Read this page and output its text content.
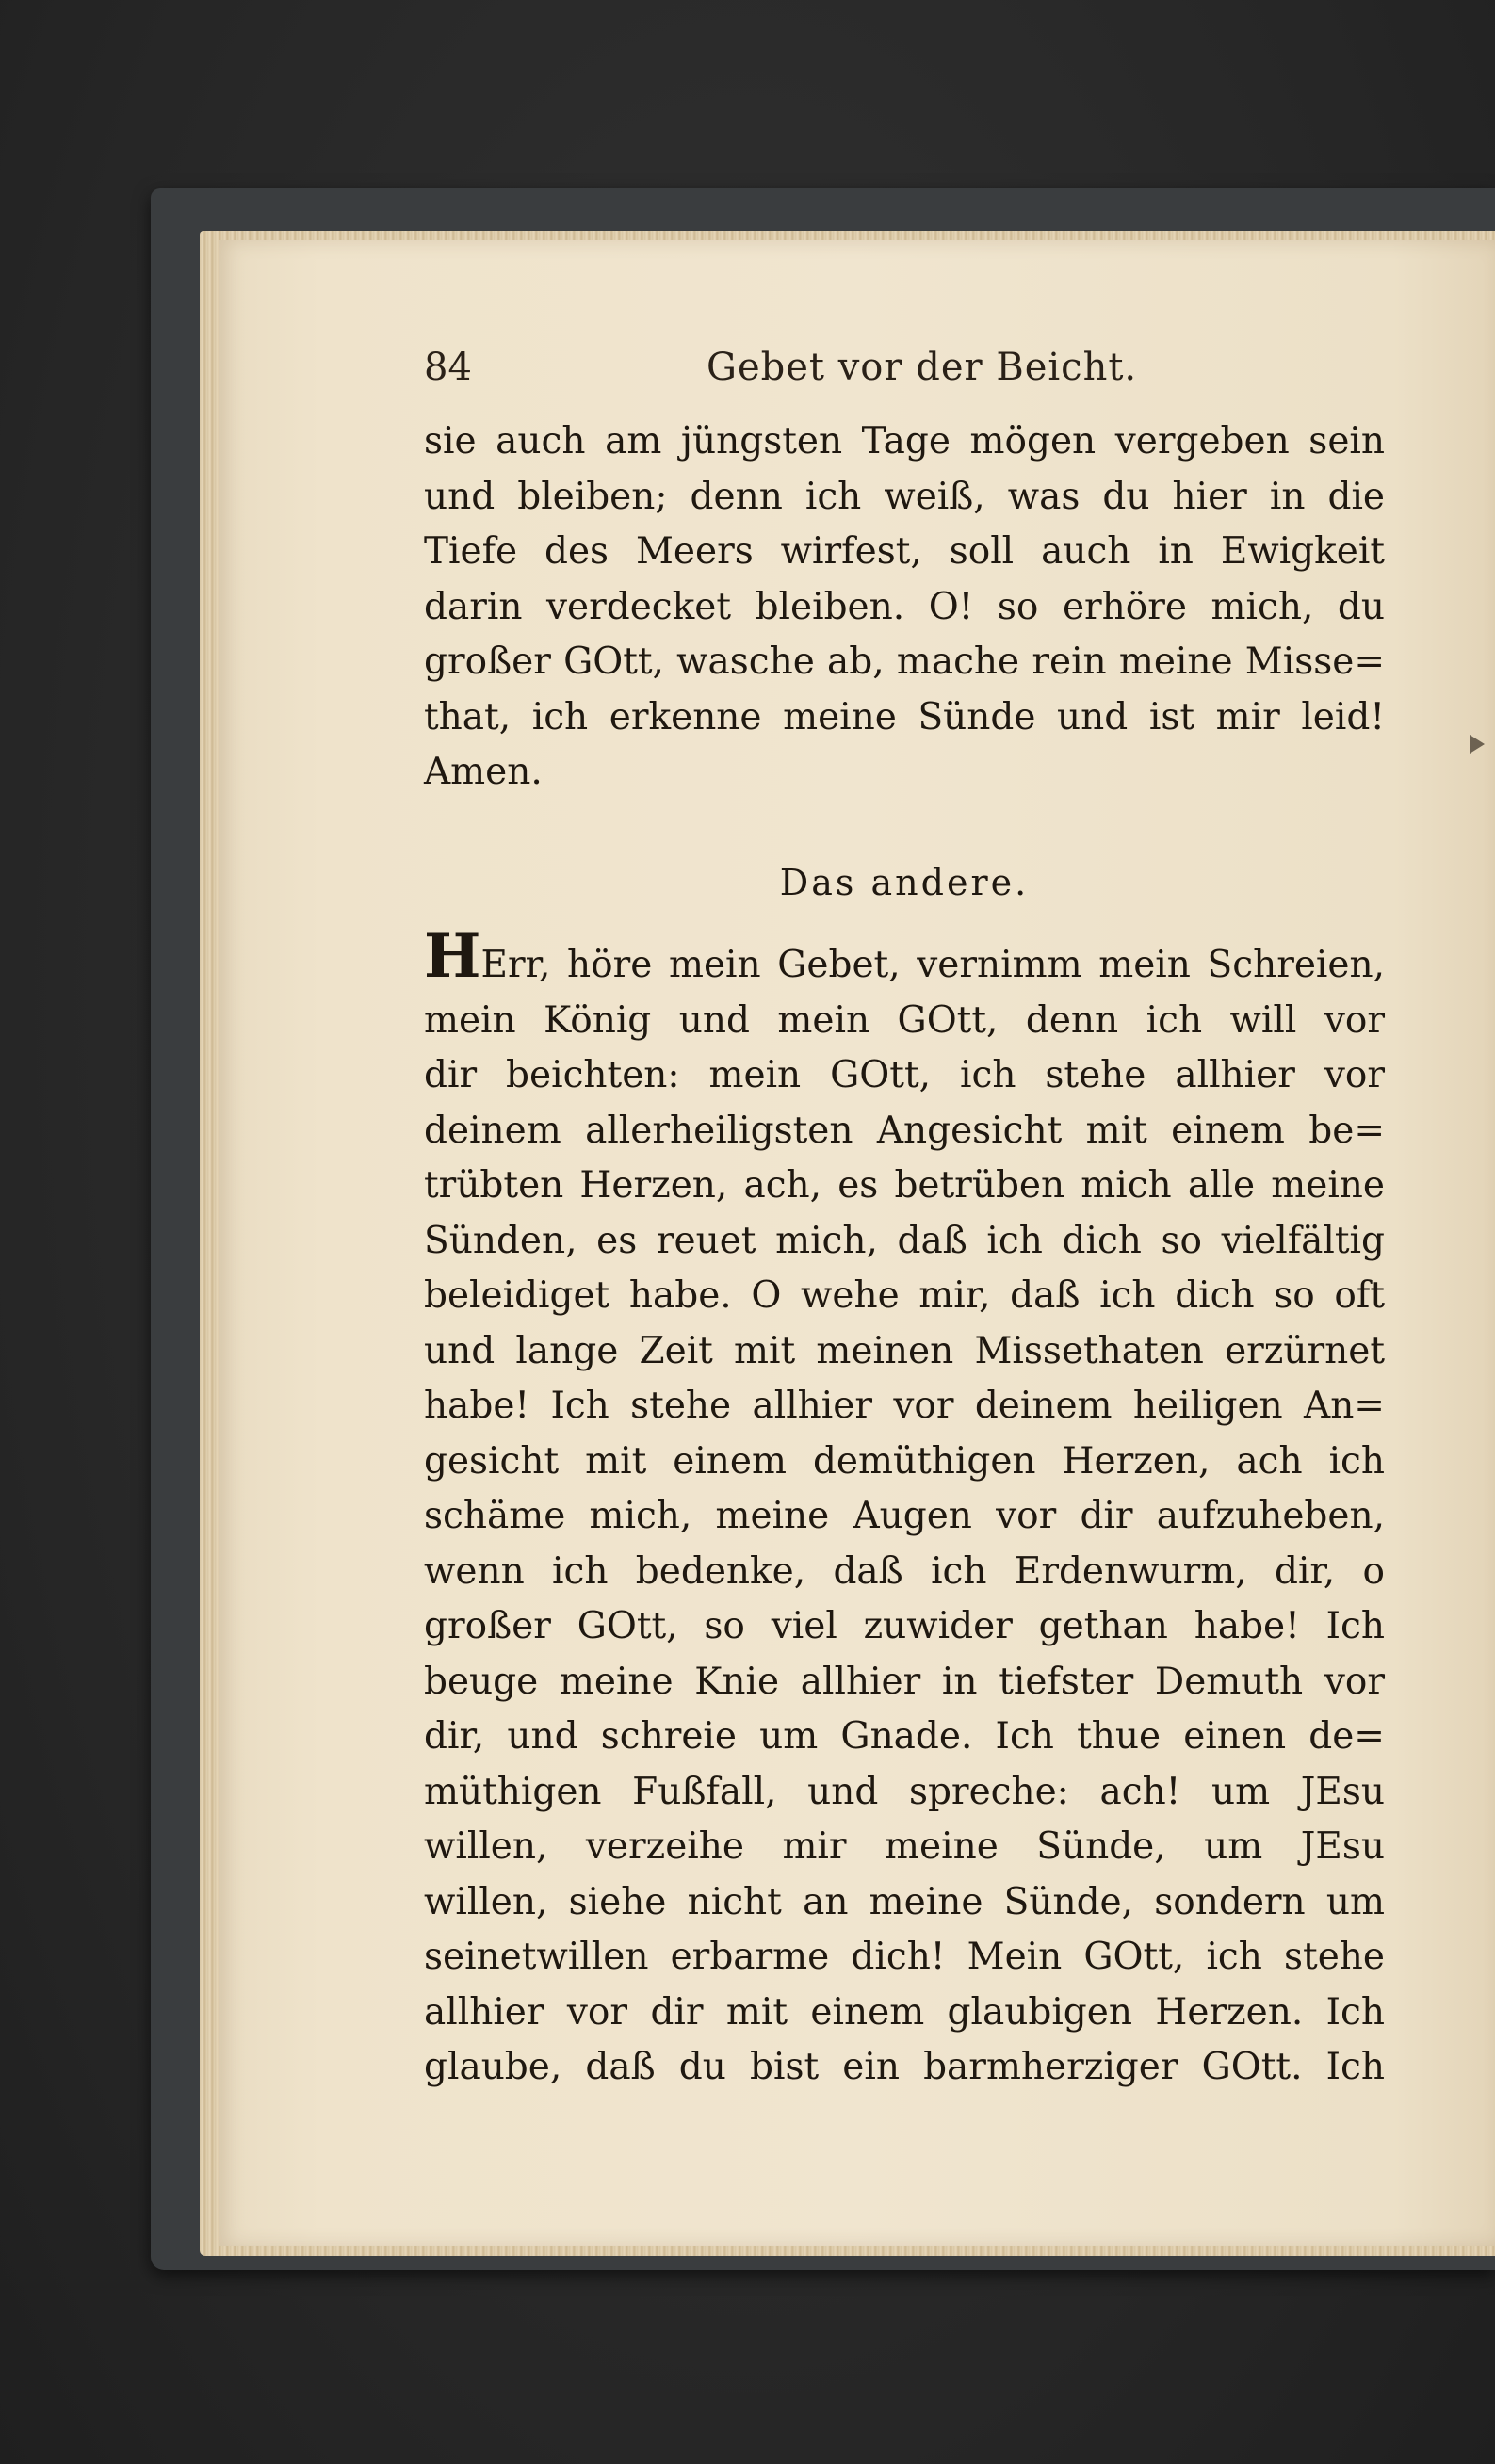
84	Gebet vor der Beicht.
sie auch am jüngsten Tage mögen vergeben sein
und bleiben; denn ich weiß, was du hier in die
Tiefe des Meers wirfest, soll auch in Ewigkeit
darin verdecket bleiben. O! so erhöre mich, du
großer GOtt, wasche ab, mache rein meine Misse=
that, ich erkenne meine Sünde und ist mir leid!
Amen.
Das andere.
HErr, höre mein Gebet, vernimm mein Schreien,
mein König und mein GOtt, denn ich will vor
dir beichten: mein GOtt, ich stehe allhier vor
deinem allerheiligsten Angesicht mit einem be=
trübten Herzen, ach, es betrüben mich alle meine
Sünden, es reuet mich, daß ich dich so vielfältig
beleidiget habe. O wehe mir, daß ich dich so oft
und lange Zeit mit meinen Missethaten erzürnet
habe! Ich stehe allhier vor deinem heiligen An=
gesicht mit einem demüthigen Herzen, ach ich
schäme mich, meine Augen vor dir aufzuheben,
wenn ich bedenke, daß ich Erdenwurm, dir, o
großer GOtt, so viel zuwider gethan habe! Ich
beuge meine Knie allhier in tiefster Demuth vor
dir, und schreie um Gnade. Ich thue einen de=
müthigen Fußfall, und spreche: ach! um JEsu
willen, verzeihe mir meine Sünde, um JEsu
willen, siehe nicht an meine Sünde, sondern um
seinetwillen erbarme dich! Mein GOtt, ich stehe
allhier vor dir mit einem glaubigen Herzen. Ich
glaube, daß du bist ein barmherziger GOtt. Ich
